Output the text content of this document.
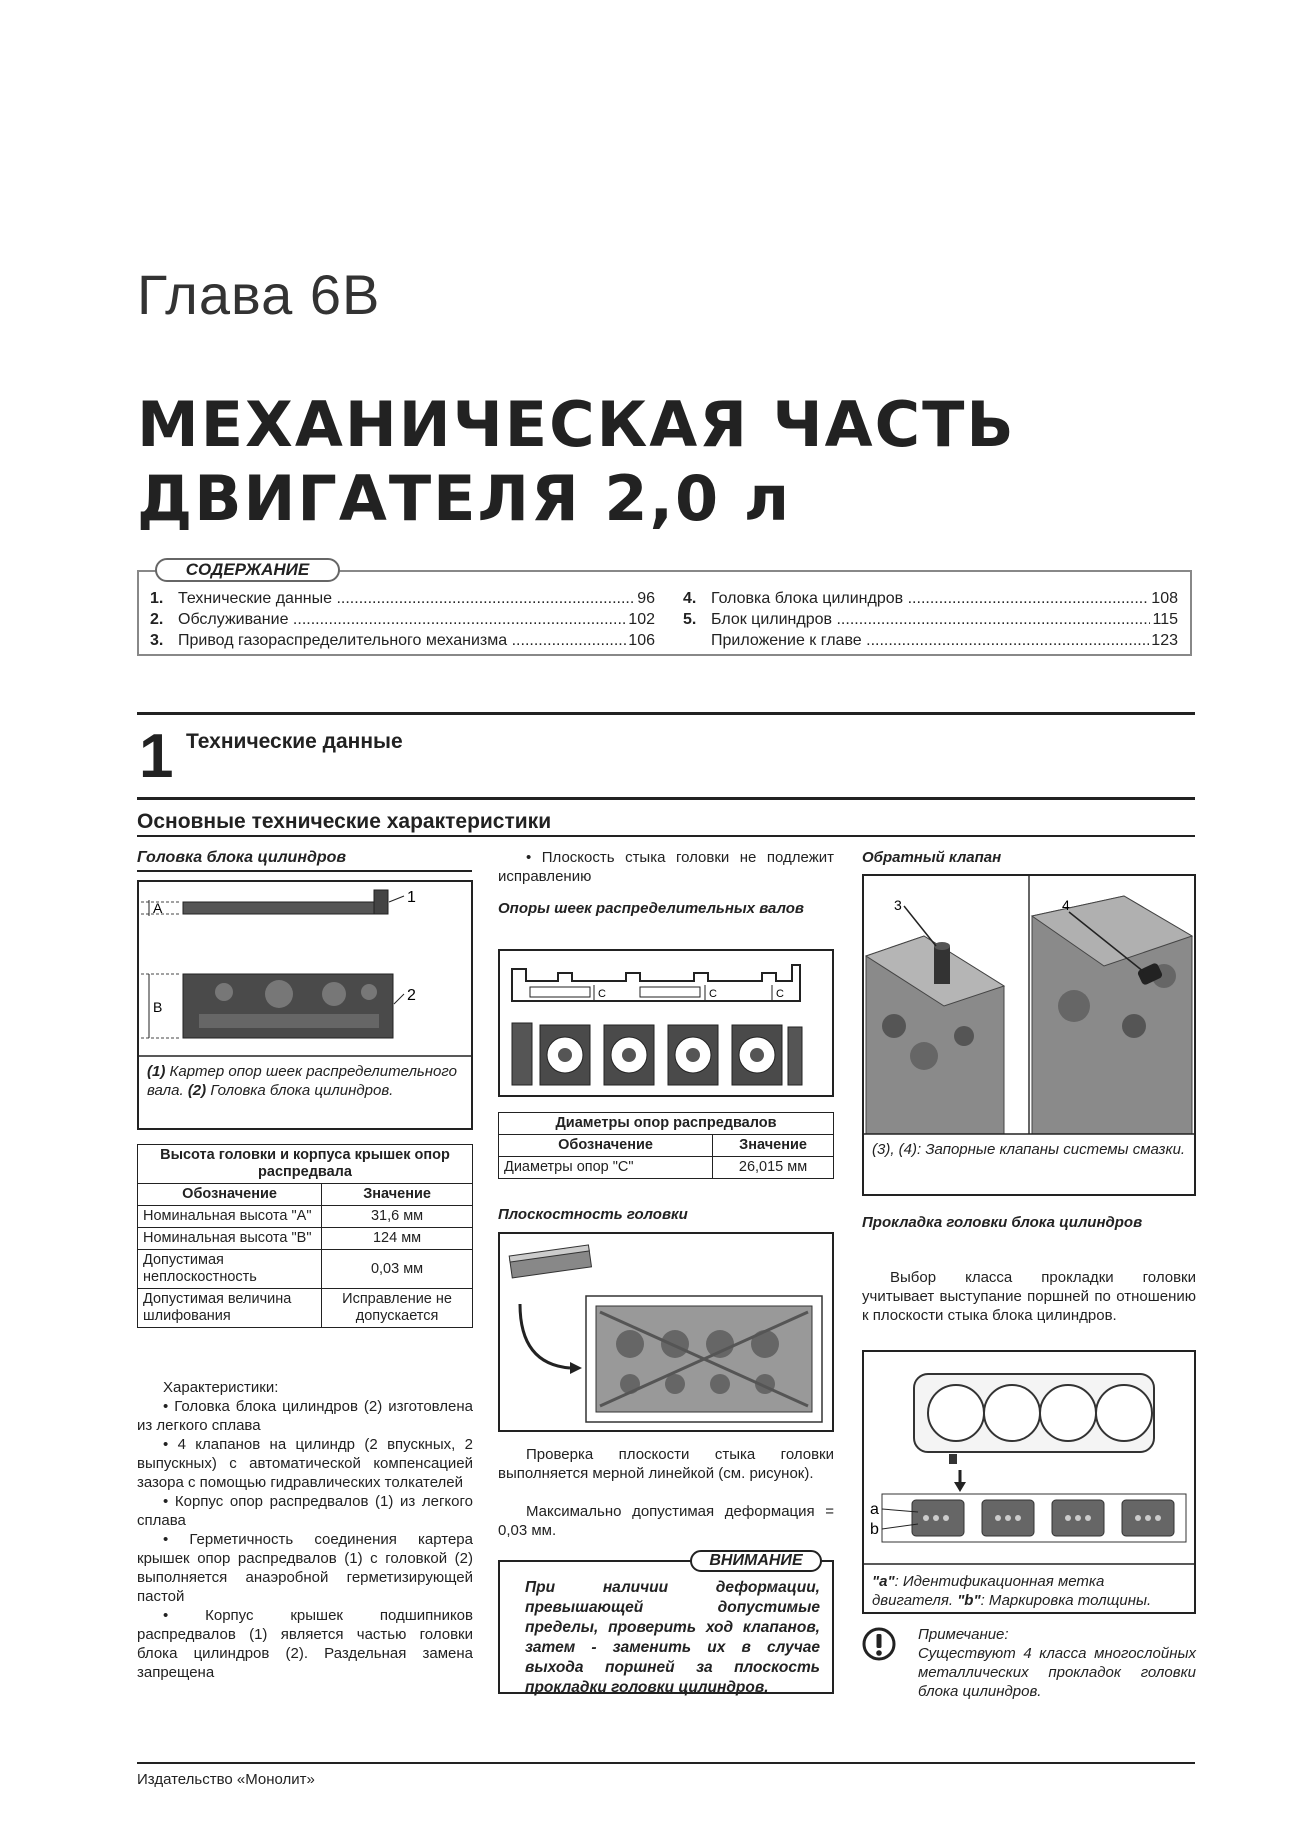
Глава 6В
МЕХАНИЧЕСКАЯ ЧАСТЬ
ДВИГАТЕЛЯ 2,0 л
СОДЕРЖАНИЕ
1. Технические данные .....	96
2. Обслуживание .....	102
3. Привод газораспределительного механизма .....	106
4. Головка блока цилиндров .....	108
5. Блок цилиндров .....	115
Приложение к главе .....	123
1 Технические данные
Основные технические характеристики
Головка блока цилиндров
A
1
B
2
(1) Картер опор шеек распределительного вала. (2) Головка блока цилиндров.
Высота головки и корпуса крышек опор распредвала	
Обозначение	Значение
Номинальная высота "А"	31,6 мм
Номинальная высота "В"	124 мм
Допустимая неплоскостность	0,03 мм
Допустимая величина шлифования	Исправление не допускается
Характеристики:
• Головка блока цилиндров (2) изготовлена из легкого сплава
• 4 клапанов на цилиндр (2 впускных, 2 выпускных) с автоматической компенсацией зазора с помощью гидравлических толкателей
• Корпус опор распредвалов (1) из легкого сплава
• Герметичность соединения картера крышек опор распредвалов (1) с головкой (2) выполняется анаэробной герметизирующей пастой
• Корпус крышек подшипников распредвалов (1) является частью головки блока цилиндров (2). Раздельная замена запрещена
• Плоскость стыка головки не подлежит исправлению
Опоры шеек распределительных валов
C	C	C
Диаметры опор распредвалов	
Обозначение	Значение
Диаметры опор "С"	26,015 мм
Плоскостность головки
Проверка плоскости стыка головки выполняется мерной линейкой (см. рисунок).
Максимально допустимая деформация = 0,03 мм.
ВНИМАНИЕ
При наличии деформации, превышающей допустимые пределы, проверить ход клапанов, затем - заменить их в случае выхода поршней за плоскость прокладки головки цилиндров.
Обратный клапан
3	4
(3), (4): Запорные клапаны системы смазки.
Прокладка головки блока цилиндров
Выбор класса прокладки головки учитывает выступание поршней по отношению к плоскости стыка блока цилиндров.
a
b
"a": Идентификационная метка двигателя. "b": Маркировка толщины.
Примечание:
Существуют 4 класса многослойных металлических прокладок головки блока цилиндров.
Издательство «Монолит»
